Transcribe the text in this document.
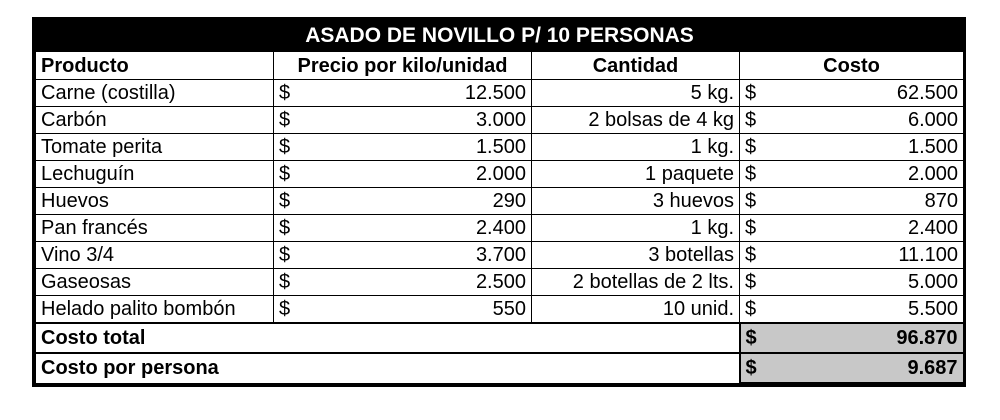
ASADO DE NOVILLO P/ 10 PERSONAS			
Producto	Precio por kilo/unidad	Cantidad	Costo
Carne (costilla)	$ 12.500	5 kg.	$ 62.500

Carbón	$ 3.000	2 bolsas de 4 kg	$ 6.000

Tomate perita	$ 1.500	1 kg.	$ 1.500

Lechuguín	$ 2.000	1 paquete	$ 2.000

Huevos	$ 290	3 huevos	$ 870

Pan francés	$ 2.400	1 kg.	$ 2.400

Vino 3/4	$ 3.700	3 botellas	$ 11.100

Gaseosas	$ 2.500	2 botellas de 2 lts.	$ 5.000

Helado palito bombón	$ 550	10 unid.	$ 5.500

Costo total			$ 96.870

Costo por persona			$ 9.687
